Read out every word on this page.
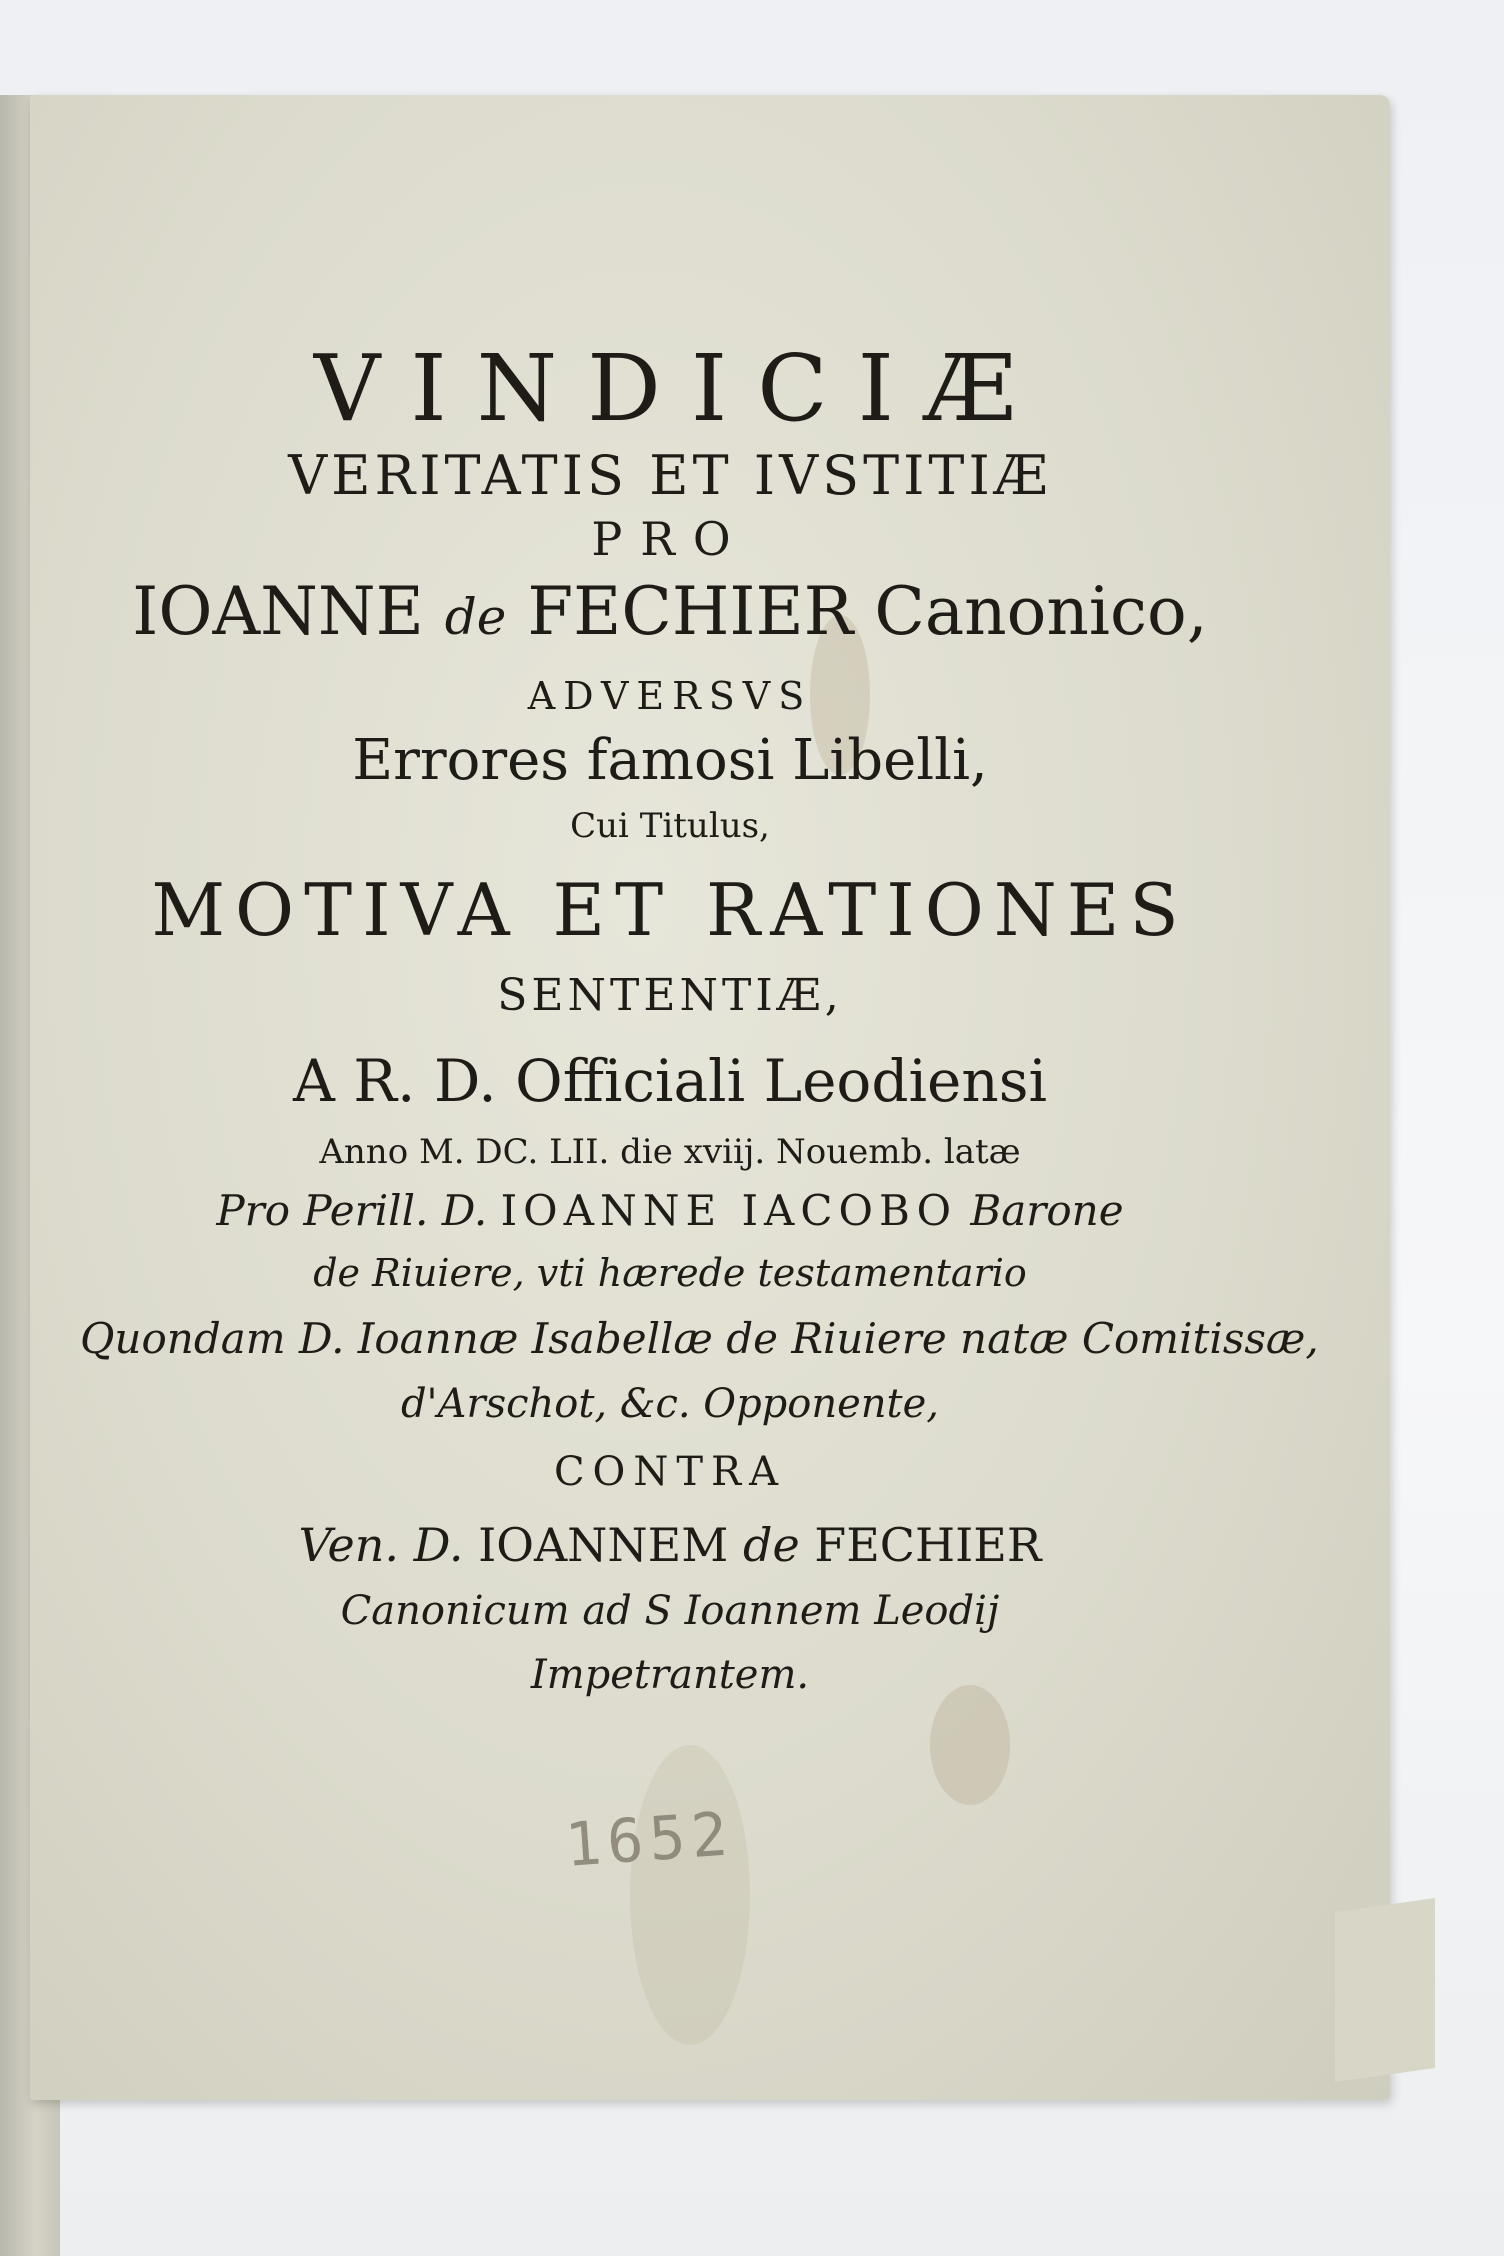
VINDICIÆ
VERITATIS ET IVSTITIÆ
PRO
IOANNE de FECHIER Canonico,
ADVERSVS
Errores famosi Libelli,
Cui Titulus,
MOTIVA ET RATIONES
SENTENTIÆ,
A R. D. Officiali Leodiensi
Anno M. DC. LII. die xviij. Nouemb. latæ
Pro Perill. D. IOANNE IACOBO Barone
de Riuiere, vti hærede testamentario
Quondam D. Ioannæ Isabellæ de Riuiere natæ Comitissæ,
d'Arschot, &c. Opponente,
CONTRA
Ven. D. IOANNEM de FECHIER
Canonicum ad S Ioannem Leodij
Impetrantem.
1652
